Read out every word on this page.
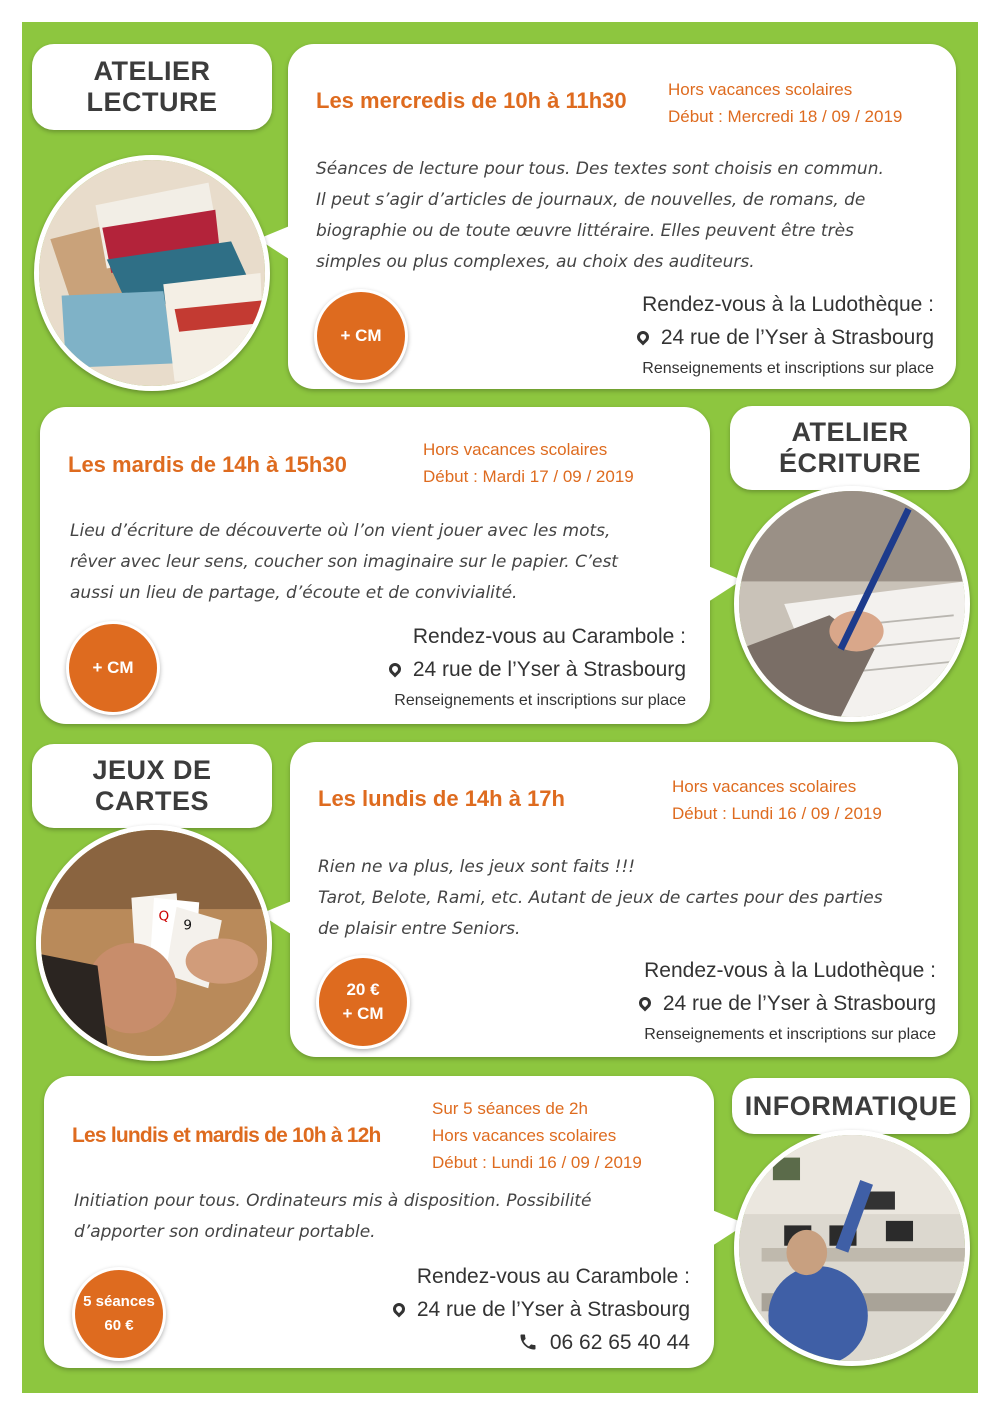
ATELIER
LECTURE	Les mercredis de 10h à 11h30 Hors vacances scolaires
Début : Mercredi 18 / 09 / 2019
Séances de lecture pour tous. Des textes sont choisis en commun.
Il peut s’agir d’articles de journaux, de nouvelles, de romans, de
biographie ou de toute œuvre littéraire. Elles peuvent être très
simples ou plus complexes, au choix des auditeurs.
+ CM
Rendez-vous à la Ludothèque :
24 rue de l’Yser à Strasbourg
Renseignements et inscriptions sur place
ATELIER
ÉCRITURE
Les mardis de 14h à 15h30
Hors vacances scolaires
Début : Mardi 17 / 09 / 2019
Lieu d’écriture de découverte où l’on vient jouer avec les mots,
rêver avec leur sens, coucher son imaginaire sur le papier. C’est
aussi un lieu de partage, d’écoute et de convivialité.
+ CM
Rendez-vous au Carambole :
24 rue de l’Yser à Strasbourg
Renseignements et inscriptions sur place
JEUX DE
CARTES
Q
9
Les lundis de 14h à 17h	Hors vacances scolaires
Début : Lundi 16 / 09 / 2019
Rien ne va plus, les jeux sont faits !!!
Tarot, Belote, Rami, etc. Autant de jeux de cartes pour des parties
de plaisir entre Seniors.
20 €
+ CM
Rendez-vous à la Ludothèque :
24 rue de l’Yser à Strasbourg
Renseignements et inscriptions sur place
INFORMATIQUE
Les lundis et mardis de 10h à 12h
Sur 5 séances de 2h
Hors vacances scolaires
Début : Lundi 16 / 09 / 2019
Initiation pour tous. Ordinateurs mis à disposition. Possibilité
d’apporter son ordinateur portable.
5 séances
60 €
Rendez-vous au Carambole :
24 rue de l’Yser à Strasbourg
06 62 65 40 44
